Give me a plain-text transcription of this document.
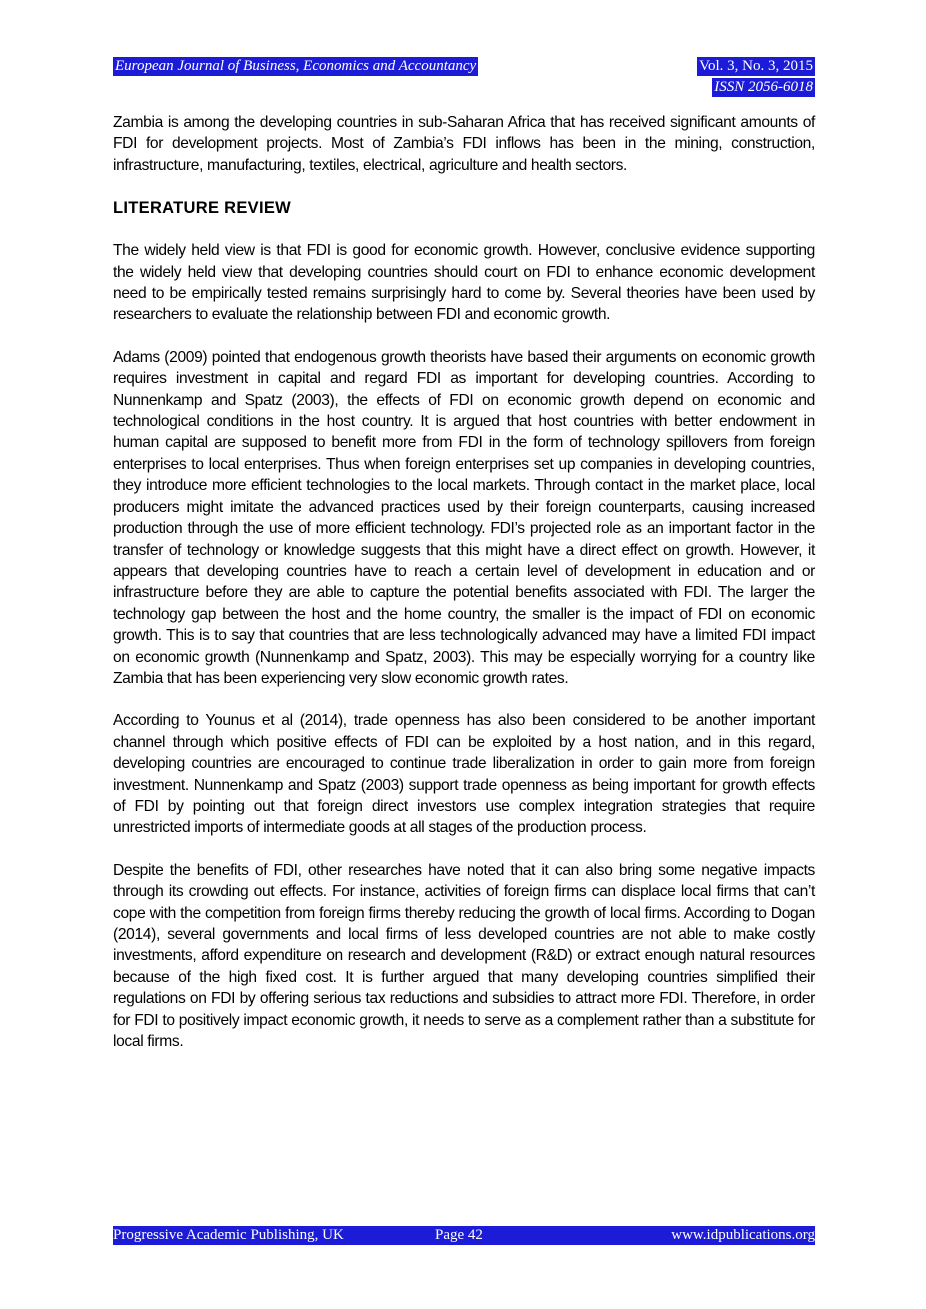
European Journal of Business, Economics and Accountancy	Vol. 3, No. 3, 2015
ISSN 2056-6018

Zambia is among the developing countries in sub-Saharan Africa that has received significant amounts of FDI for development projects. Most of Zambia’s FDI inflows has been in the mining, construction, infrastructure, manufacturing, textiles, electrical, agriculture and health sectors.

LITERATURE REVIEW

The widely held view is that FDI is good for economic growth. However, conclusive evidence supporting the widely held view that developing countries should court on FDI to enhance economic development need to be empirically tested remains surprisingly hard to come by. Several theories have been used by researchers to evaluate the relationship between FDI and economic growth.

Adams (2009) pointed that endogenous growth theorists have based their arguments on economic growth requires investment in capital and regard FDI as important for developing countries. According to Nunnenkamp and Spatz (2003), the effects of FDI on economic growth depend on economic and technological conditions in the host country. It is argued that host countries with better endowment in human capital are supposed to benefit more from FDI in the form of technology spillovers from foreign enterprises to local enterprises. Thus when foreign enterprises set up companies in developing countries, they introduce more efficient technologies to the local markets. Through contact in the market place, local producers might imitate the advanced practices used by their foreign counterparts, causing increased production through the use of more efficient technology. FDI’s projected role as an important factor in the transfer of technology or knowledge suggests that this might have a direct effect on growth. However, it appears that developing countries have to reach a certain level of development in education and or infrastructure before they are able to capture the potential benefits associated with FDI. The larger the technology gap between the host and the home country, the smaller is the impact of FDI on economic growth. This is to say that countries that are less technologically advanced may have a limited FDI impact on economic growth (Nunnenkamp and Spatz, 2003). This may be especially worrying for a country like Zambia that has been experiencing very slow economic growth rates.

According to Younus et al (2014), trade openness has also been considered to be another important channel through which positive effects of FDI can be exploited by a host nation, and in this regard, developing countries are encouraged to continue trade liberalization in order to gain more from foreign investment. Nunnenkamp and Spatz (2003) support trade openness as being important for growth effects of FDI by pointing out that foreign direct investors use complex integration strategies that require unrestricted imports of intermediate goods at all stages of the production process.

Despite the benefits of FDI, other researches have noted that it can also bring some negative impacts through its crowding out effects. For instance, activities of foreign firms can displace local firms that can’t cope with the competition from foreign firms thereby reducing the growth of local firms. According to Dogan (2014), several governments and local firms of less developed countries are not able to make costly investments, afford expenditure on research and development (R&D) or extract enough natural resources because of the high fixed cost. It is further argued that many developing countries simplified their regulations on FDI by offering serious tax reductions and subsidies to attract more FDI. Therefore, in order for FDI to positively impact economic growth, it needs to serve as a complement rather than a substitute for local firms.

Progressive Academic Publishing, UK	Page 42	www.idpublications.org
